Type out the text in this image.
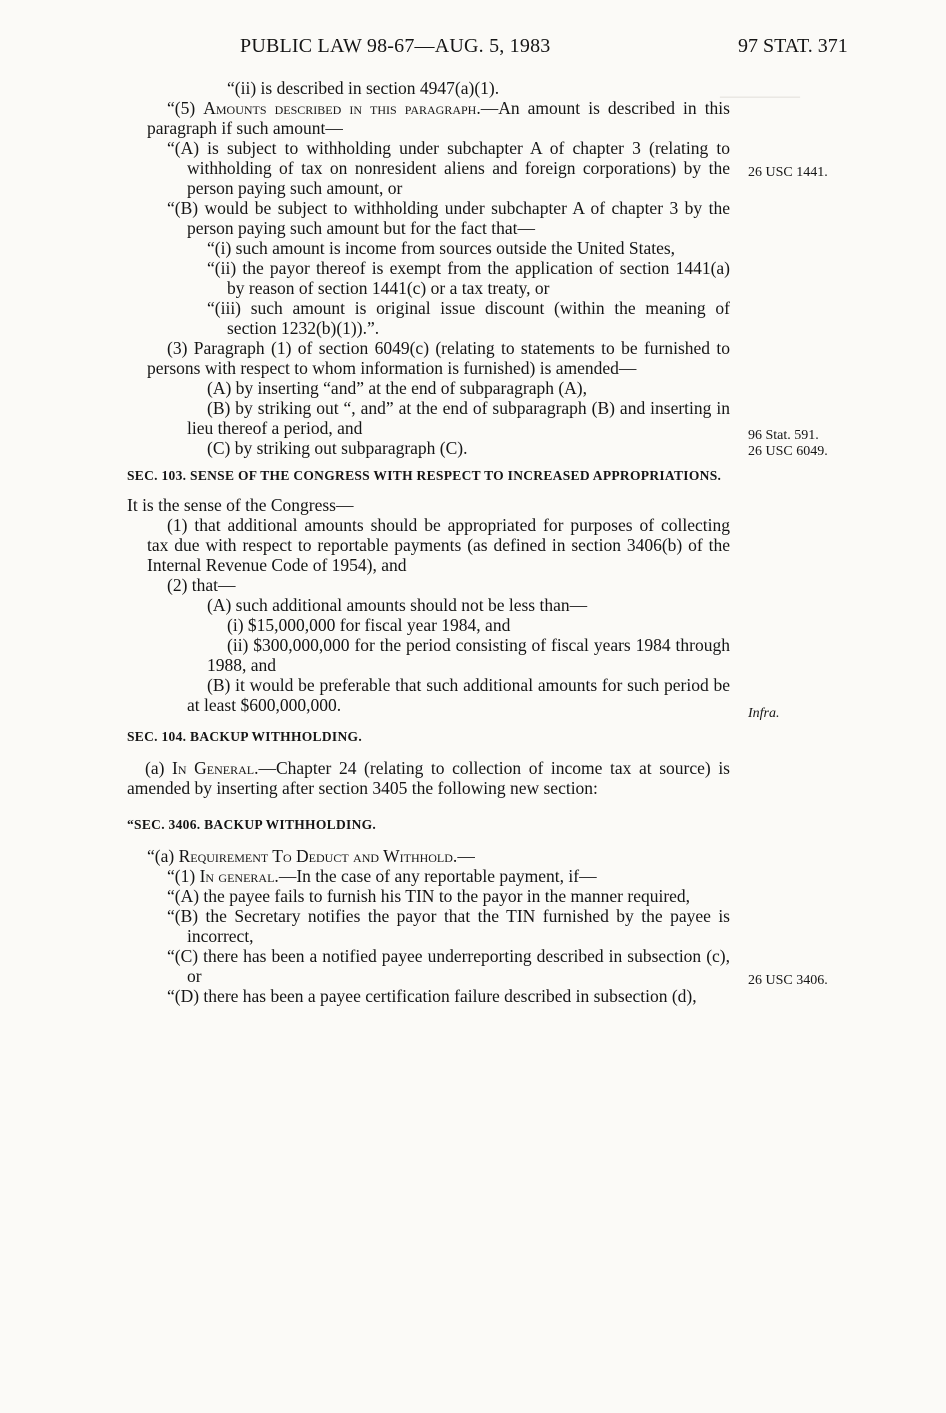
—————
PUBLIC LAW 98-67—AUG. 5, 1983	97 STAT. 371

“(ii) is described in section 4947(a)(1).

“(5) Amounts described in this paragraph.—An amount is described in this paragraph if such amount—

“(A) is subject to withholding under subchapter A of chapter 3 (relating to withholding of tax on nonresident aliens and foreign corporations) by the person paying such amount, or

“(B) would be subject to withholding under subchapter A of chapter 3 by the person paying such amount but for the fact that—

“(i) such amount is income from sources outside the United States,

“(ii) the payor thereof is exempt from the application of section 1441(a) by reason of section 1441(c) or a tax treaty, or

“(iii) such amount is original issue discount (within the meaning of section 1232(b)(1)).”.

(3) Paragraph (1) of section 6049(c) (relating to statements to be furnished to persons with respect to whom information is furnished) is amended—

(A) by inserting “and” at the end of subparagraph (A),

(B) by striking out “, and” at the end of subparagraph (B) and inserting in lieu thereof a period, and

(C) by striking out subparagraph (C).

SEC. 103. SENSE OF THE CONGRESS WITH RESPECT TO INCREASED APPROPRIATIONS.

It is the sense of the Congress—

(1) that additional amounts should be appropriated for purposes of collecting tax due with respect to reportable payments (as defined in section 3406(b) of the Internal Revenue Code of 1954), and

(2) that—

(A) such additional amounts should not be less than—

(i) $15,000,000 for fiscal year 1984, and

(ii) $300,000,000 for the period consisting of fiscal years 1984 through 1988, and

(B) it would be preferable that such additional amounts for such period be at least $600,000,000.

SEC. 104. BACKUP WITHHOLDING.

(a) In General.—Chapter 24 (relating to collection of income tax at source) is amended by inserting after section 3405 the following new section:

“SEC. 3406. BACKUP WITHHOLDING.

“(a) Requirement To Deduct and Withhold.—

“(1) In general.—In the case of any reportable payment, if—

“(A) the payee fails to furnish his TIN to the payor in the manner required,

“(B) the Secretary notifies the payor that the TIN furnished by the payee is incorrect,

“(C) there has been a notified payee underreporting described in subsection (c), or

“(D) there has been a payee certification failure described in subsection (d),

26 USC 1441.
96 Stat. 591.
26 USC 6049.
Infra.
26 USC 3406.
